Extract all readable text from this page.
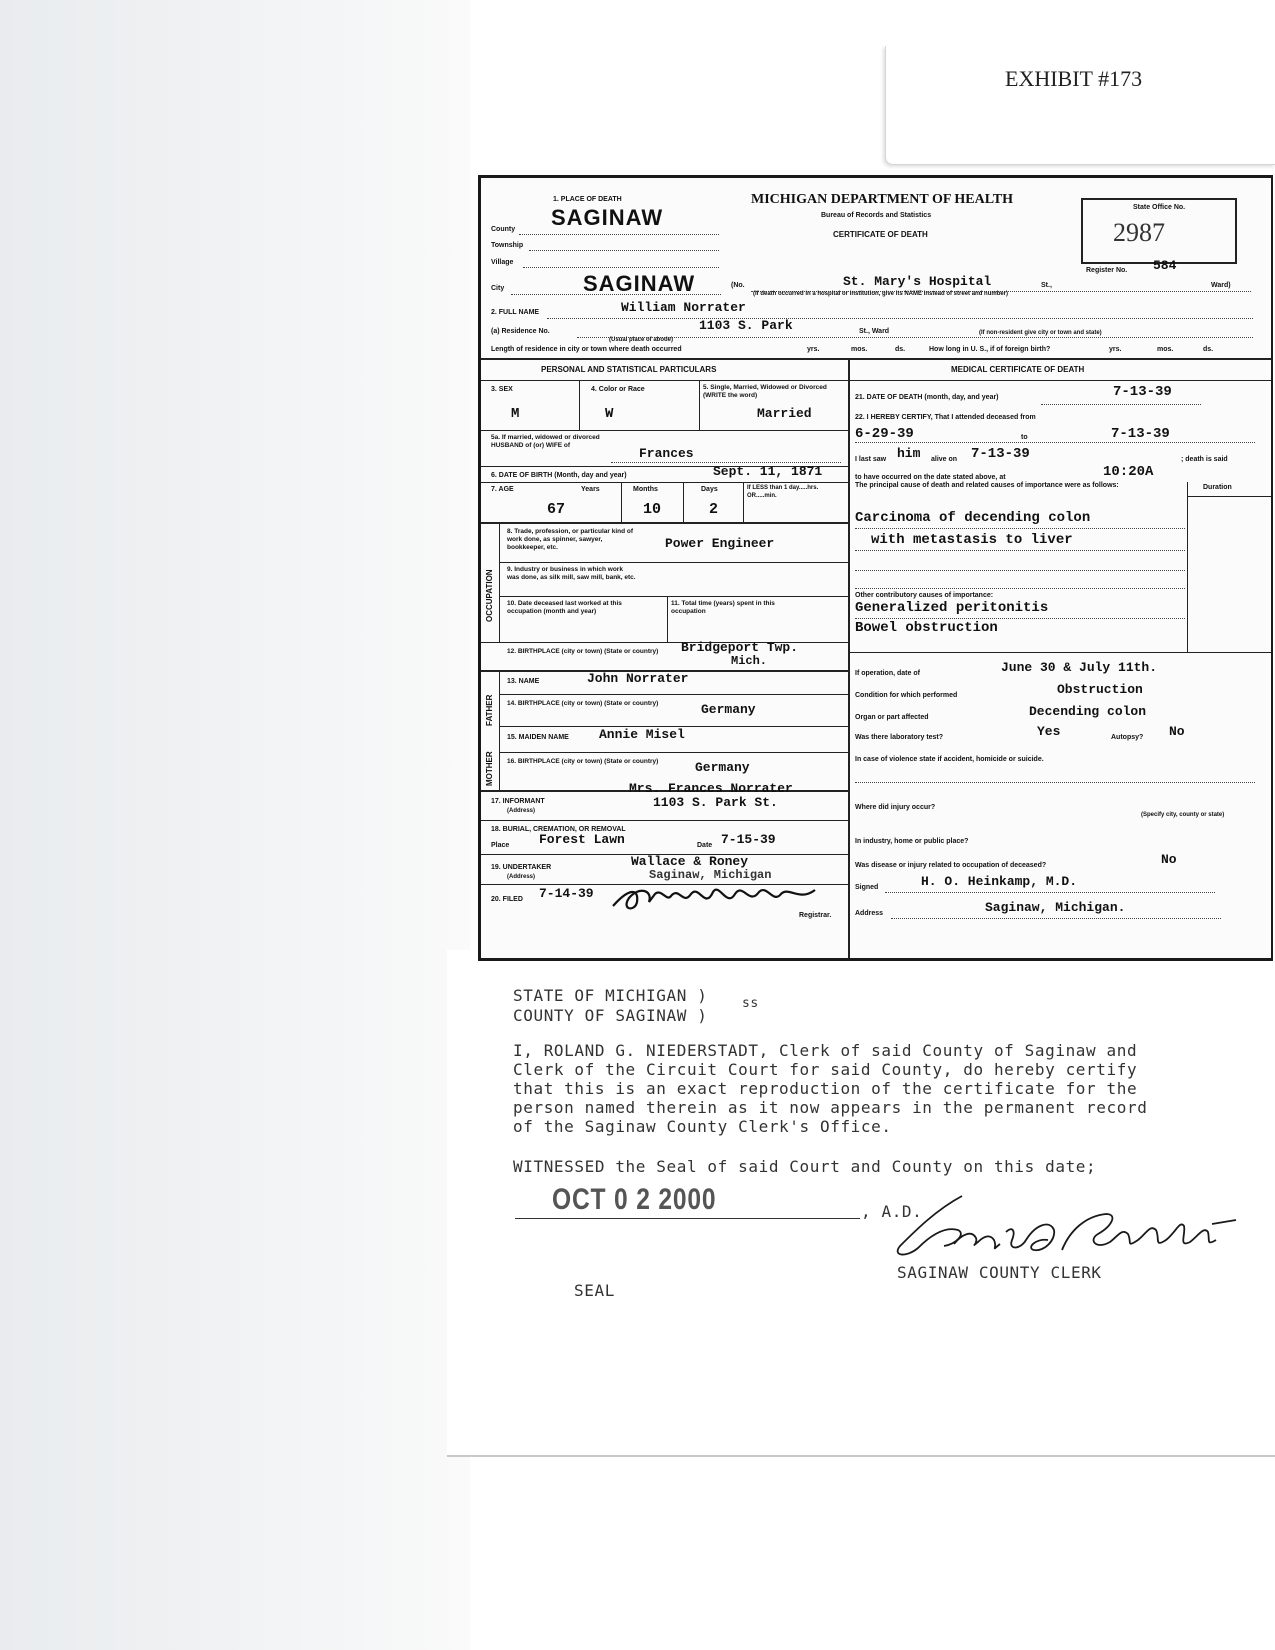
EXHIBIT #173
1. PLACE OF DEATH
SAGINAW
County
Township
Village
City	SAGINAW
MICHIGAN DEPARTMENT OF HEALTH
Bureau of Records and Statistics
CERTIFICATE OF DEATH
State Office No.
2987
Register No. 584
(No.	St. Mary's Hospital	St.,	Ward)
(If death occurred in a hospital or institution, give its NAME instead of street and number)
2. FULL NAME	William Norrater
(a) Residence No.	1103 S. Park	St., Ward
(Usual place of abode)
(If non-resident give city or town and state)
Length of residence in city or town where death occurred	yrs.	mos.	ds.	How long in U. S., if of foreign birth?	yrs.	mos.	ds.
PERSONAL AND STATISTICAL PARTICULARS
3. SEX
M
4. Color or Race
W
5. Single, Married, Widowed or Divorced (WRITE the word)
Married
5a. If married, widowed or divorced HUSBAND of (or) WIFE of
Frances
6. DATE OF BIRTH (Month, day and year)	Sept. 11, 1871
7. AGE	Years	Months	Days	If LESS than 1 day.....hrs. OR.....min.
67	10	2
OCCUPATION
8. Trade, profession, or particular kind of work done, as spinner, sawyer, bookkeeper, etc.	Power Engineer
9. Industry or business in which work was done, as silk mill, saw mill, bank, etc.
10. Date deceased last worked at this occupation (month and year)
11. Total time (years) spent in this occupation
12. BIRTHPLACE (city or town) (State or country)	Bridgeport Twp.
Mich.
FATHER
MOTHER
13. NAME	John Norrater
14. BIRTHPLACE (city or town) (State or country)	Germany
15. MAIDEN NAME Annie Misel
16. BIRTHPLACE (city or town) (State or country)	Germany
17. INFORMANT
(Address)
Mrs. Frances Norrater
1103 S. Park St.
18. BURIAL, CREMATION, OR REMOVAL
Place Forest Lawn	Date 7-15-39
19. UNDERTAKER
(Address)
Wallace & Roney
Saginaw, Michigan
20. FILED 7-14-39
Registrar.
MEDICAL CERTIFICATE OF DEATH
21. DATE OF DEATH (month, day, and year)	7-13-39
22. I HEREBY CERTIFY, That I attended deceased from
6-29-39	to	7-13-39
I last saw him alive on 7-13-39	; death is said
to have occurred on the date stated above, at	10:20A
The principal cause of death and related causes of importance were as follows:	Duration
Carcinoma of decending colon
with metastasis to liver
Other contributory causes of importance:
Generalized peritonitis
Bowel obstruction
If operation, date of	June 30 & July 11th.
Condition for which performed	Obstruction
Organ or part affected	Decending colon
Was there laboratory test?	Yes	Autopsy? No
In case of violence state if accident, homicide or suicide.
Where did injury occur?
(Specify city, county or state)
In industry, home or public place?
Was disease or injury related to occupation of deceased?	No
Signed	H. O. Heinkamp, M.D.
Address	Saginaw, Michigan.
STATE OF MICHIGAN )
COUNTY OF SAGINAW )
ss
I, ROLAND G. NIEDERSTADT, Clerk of said County of Saginaw and
Clerk of the Circuit Court for said County, do hereby certify
that this is an exact reproduction of the certificate for the
person named therein as it now appears in the permanent record
of the Saginaw County Clerk's Office.
WITNESSED the Seal of said Court and County on this date;
OCT 0 2 2000	, A.D.
SAGINAW COUNTY CLERK
SEAL
